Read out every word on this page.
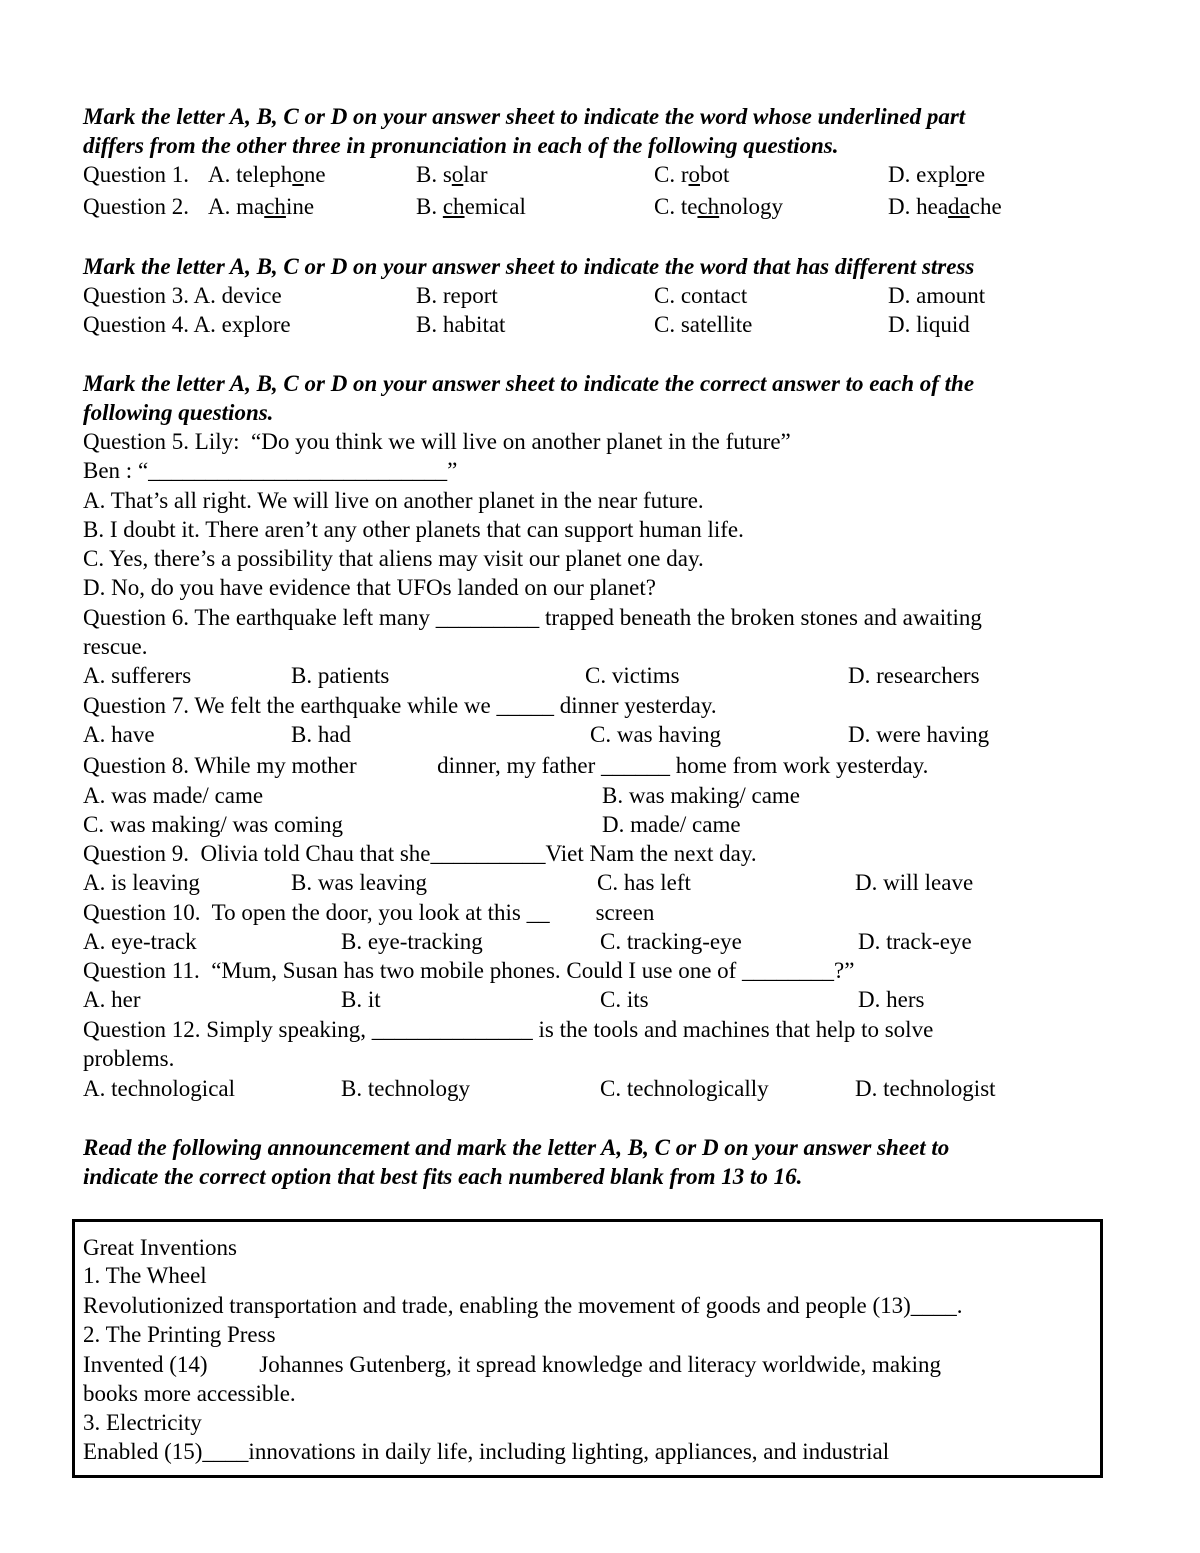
Mark the letter A, B, C or D on your answer sheet to indicate the word whose underlined part
differs from the other three in pronunciation in each of the following questions.
Question 1. A. telephone	B. solar	C. robot	D. explore
Question 2. A. machine	B. chemical	C. technology	D. headache
Mark the letter A, B, C or D on your answer sheet to indicate the word that has different stress
Question 3. A. device	B. report	C. contact	D. amount
Question 4. A. explore	B. habitat	C. satellite	D. liquid
Mark the letter A, B, C or D on your answer sheet to indicate the correct answer to each of the
following questions.
Question 5. Lily:  “Do you think we will live on another planet in the future”
Ben : “__________________________”
A. That’s all right. We will live on another planet in the near future.
B. I doubt it. There aren’t any other planets that can support human life.
C. Yes, there’s a possibility that aliens may visit our planet one day.
D. No, do you have evidence that UFOs landed on our planet?
Question 6. The earthquake left many _________ trapped beneath the broken stones and awaiting
rescue.
A. sufferers	B. patients	C. victims	D. researchers
Question 7. We felt the earthquake while we _____ dinner yesterday.
A. have	B. had	C. was having	D. were having
Question 8. While my mother              dinner, my father ______ home from work yesterday.
A. was made/ came	B. was making/ came
C. was making/ was coming	D. made/ came
Question 9.  Olivia told Chau that she__________Viet Nam the next day.
A. is leaving	B. was leaving	C. has left	D. will leave
Question 10.  To open the door, you look at this __        screen
A. eye-track	B. eye-tracking	C. tracking-eye	D. track-eye
Question 11.  “Mum, Susan has two mobile phones. Could I use one of ________?”
A. her	B. it	C. its	D. hers
Question 12. Simply speaking, ______________ is the tools and machines that help to solve
problems.
A. technological	B. technology	C. technologically	D. technologist
Read the following announcement and mark the letter A, B, C or D on your answer sheet to
indicate the correct option that best fits each numbered blank from 13 to 16.
Great Inventions
1. The Wheel
Revolutionized transportation and trade, enabling the movement of goods and people (13)____.
2. The Printing Press
Invented (14)         Johannes Gutenberg, it spread knowledge and literacy worldwide, making
books more accessible.
3. Electricity
Enabled (15)____innovations in daily life, including lighting, appliances, and industrial
